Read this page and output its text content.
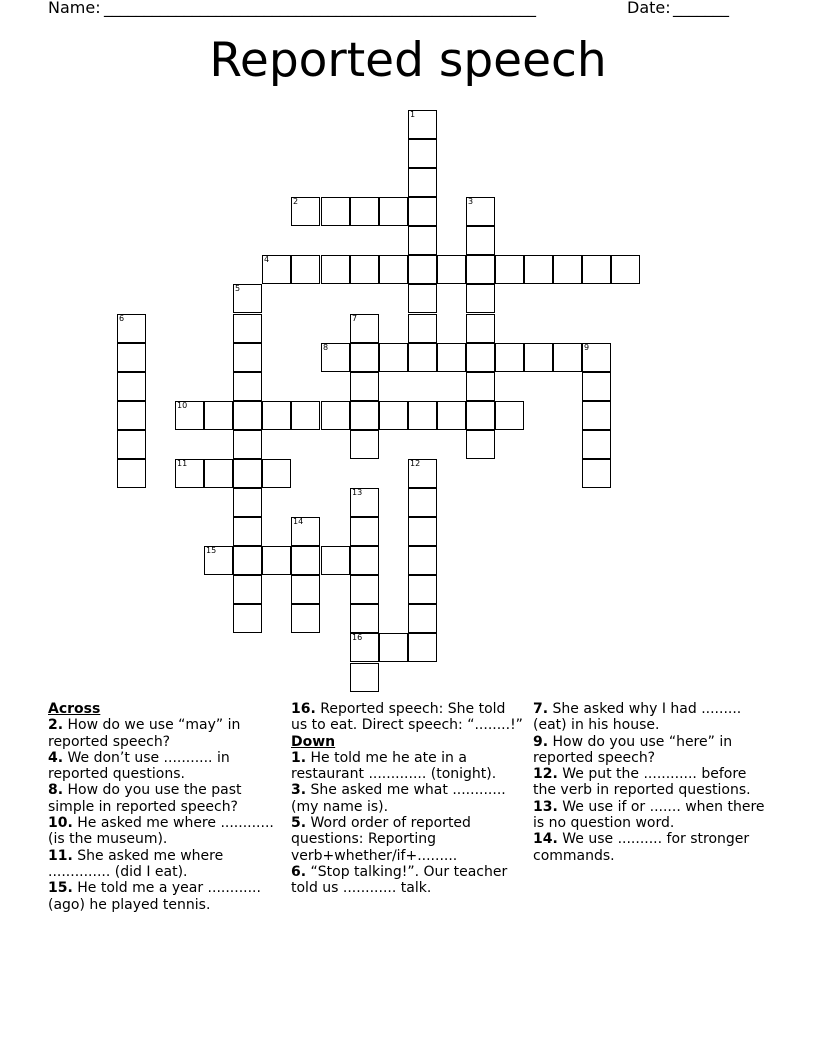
Name: ______________________________________________________	Date: _______
Reported speech
1
2	3
4
5
6	7
8	9
10
11	12
13
16
14
15
Across
2. How do we use “may” in reported speech?
4. We don’t use ........... in reported questions.
8. How do you use the past simple in reported speech?
10. He asked me where ............ (is the museum).
11. She asked me where .............. (did I eat).
15. He told me a year ............(ago) he played tennis.
16. Reported speech: She told us to eat. Direct speech: “........!”
Down
1. He told me he ate in a restaurant ............. (tonight).
3. She asked me what ............ (my name is).
5. Word order of reported questions: Reporting verb+whether/if+.........
6. “Stop talking!”. Our teacher told us ............ talk.
7. She asked why I had ......... (eat) in his house.
9. How do you use “here” in reported speech?
12. We put the ............ before the verb in reported questions.
13. We use if or ....... when there is no question word.
14. We use .......... for stronger commands.
